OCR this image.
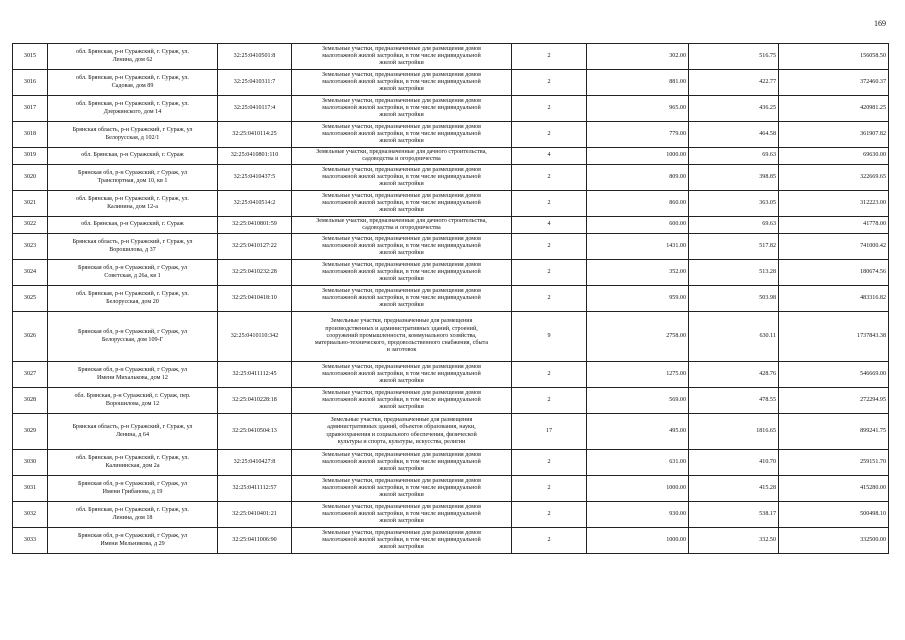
169
3015	обл. Брянская, р-н Суражский, г. Сураж, ул.
Ленина, дом 62	32:25:0410501:8	Земельные участки, предназначенные для размещения домов
малоэтажной жилой застройки, в том числе индивидуальной
жилой застройки	2	302.00	516.75	156058.50

3016	обл. Брянская, р-н Суражский, г. Сураж, ул.
Садовая, дом 89	32:25:0410311:7	Земельные участки, предназначенные для размещения домов
малоэтажной жилой застройки, в том числе индивидуальной
жилой застройки	2	881.00	422.77	372460.37

3017	обл. Брянская, р-н Суражский, г. Сураж, ул.
Дзержинского, дом 14	32:25:0410117:4	Земельные участки, предназначенные для размещения домов
малоэтажной жилой застройки, в том числе индивидуальной
жилой застройки	2	965.00	436.25	420981.25

3018	Брянская область, р-н Суражский, г Сураж, ул
Белорусская, д 102/1	32:25:0410114:25	Земельные участки, предназначенные для размещения домов
малоэтажной жилой застройки, в том числе индивидуальной
жилой застройки	2	779.00	464.58	361907.82

3019	обл. Брянская, р-н Суражский, г. Сураж	32:25:0410801:110	Земельные участки, предназначенные для дачного строительства,
садоводства и огородничества	4	1000.00	69.63	69630.00

3020	Брянская обл, р-н Суражский, г Сураж, ул
Транспортная, дом 10, кв 1	32:25:0410437:5	Земельные участки, предназначенные для размещения домов
малоэтажной жилой застройки, в том числе индивидуальной
жилой застройки	2	809.00	398.85	322669.65

3021	обл. Брянская, р-н Суражский, г. Сураж, ул.
Калинина, дом 12-а	32:25:0410514:2	Земельные участки, предназначенные для размещения домов
малоэтажной жилой застройки, в том числе индивидуальной
жилой застройки	2	860.00	363.05	312223.00

3022	обл. Брянская, р-н Суражский, г. Сураж	32:25:0410801:59	Земельные участки, предназначенные для дачного строительства,
садоводства и огородничества	4	600.00	69.63	41778.00

3023	Брянская область, р-н Суражский, г Сураж, ул
Ворошилова, д 37	32:25:0410127:22	Земельные участки, предназначенные для размещения домов
малоэтажной жилой застройки, в том числе индивидуальной
жилой застройки	2	1431.00	517.82	741000.42

3024	Брянская обл, р-н Суражский, г Сураж, ул
Советская, д 26а, кв 1	32:25:0410232:28	Земельные участки, предназначенные для размещения домов
малоэтажной жилой застройки, в том числе индивидуальной
жилой застройки	2	352.00	513.28	180674.56

3025	обл. Брянская, р-н Суражский, г. Сураж, ул.
Белорусская, дом 20	32:25:0410418:10	Земельные участки, предназначенные для размещения домов
малоэтажной жилой застройки, в том числе индивидуальной
жилой застройки	2	959.00	503.98	483316.82

3026	Брянская обл, р-н Суражский, г Сураж, ул
Белорусская, дом 109-Г	32:25:0410110:342	Земельные участки, предназначенные для размещения
производственных и административных зданий, строений,
сооружений промышленности, коммунального хозяйства,
материально-технического, продовольственного снабжения, сбыта
и заготовок	9	2758.00	630.11	1737843.38

3027	Брянская обл, р-н Суражский, г Сураж, ул
Имени Михалькова, дом 12	32:25:0411112:45	Земельные участки, предназначенные для размещения домов
малоэтажной жилой застройки, в том числе индивидуальной
жилой застройки	2	1275.00	428.76	546669.00

3028	обл. Брянская, р-н Суражский, г. Сураж, пер.
Ворошилова, дом 12	32:25:0410228:18	Земельные участки, предназначенные для размещения домов
малоэтажной жилой застройки, в том числе индивидуальной
жилой застройки	2	569.00	478.55	272294.95

3029	Брянская область, р-н Суражский, г Сураж, ул
Ленина, д 64	32:25:0410504:13	Земельные участки, предназначенные для размещения
административных зданий, объектов образования, науки,
здравоохранения и социального обеспечения, физической
культуры и спорта, культуры, искусства, религии	17	495.00	1816.65	899241.75

3030	обл. Брянская, р-н Суражский, г. Сураж, ул.
Калининская, дом 2а	32:25:0410427:8	Земельные участки, предназначенные для размещения домов
малоэтажной жилой застройки, в том числе индивидуальной
жилой застройки	2	631.00	410.70	259151.70

3031	Брянская обл, р-н Суражский, г Сураж, ул
Имени Грибанова, д 19	32:25:0411112:57	Земельные участки, предназначенные для размещения домов
малоэтажной жилой застройки, в том числе индивидуальной
жилой застройки	2	1000.00	415.28	415280.00

3032	обл. Брянская, р-н Суражский, г. Сураж, ул.
Ленина, дом 18	32:25:0410401:21	Земельные участки, предназначенные для размещения домов
малоэтажной жилой застройки, в том числе индивидуальной
жилой застройки	2	930.00	538.17	500498.10

3033	Брянская обл, р-н Суражский, г Сураж, ул
Имени Мельникова, д 29	32:25:0411006:90	Земельные участки, предназначенные для размещения домов
малоэтажной жилой застройки, в том числе индивидуальной
жилой застройки	2	1000.00	332.50	332500.00
